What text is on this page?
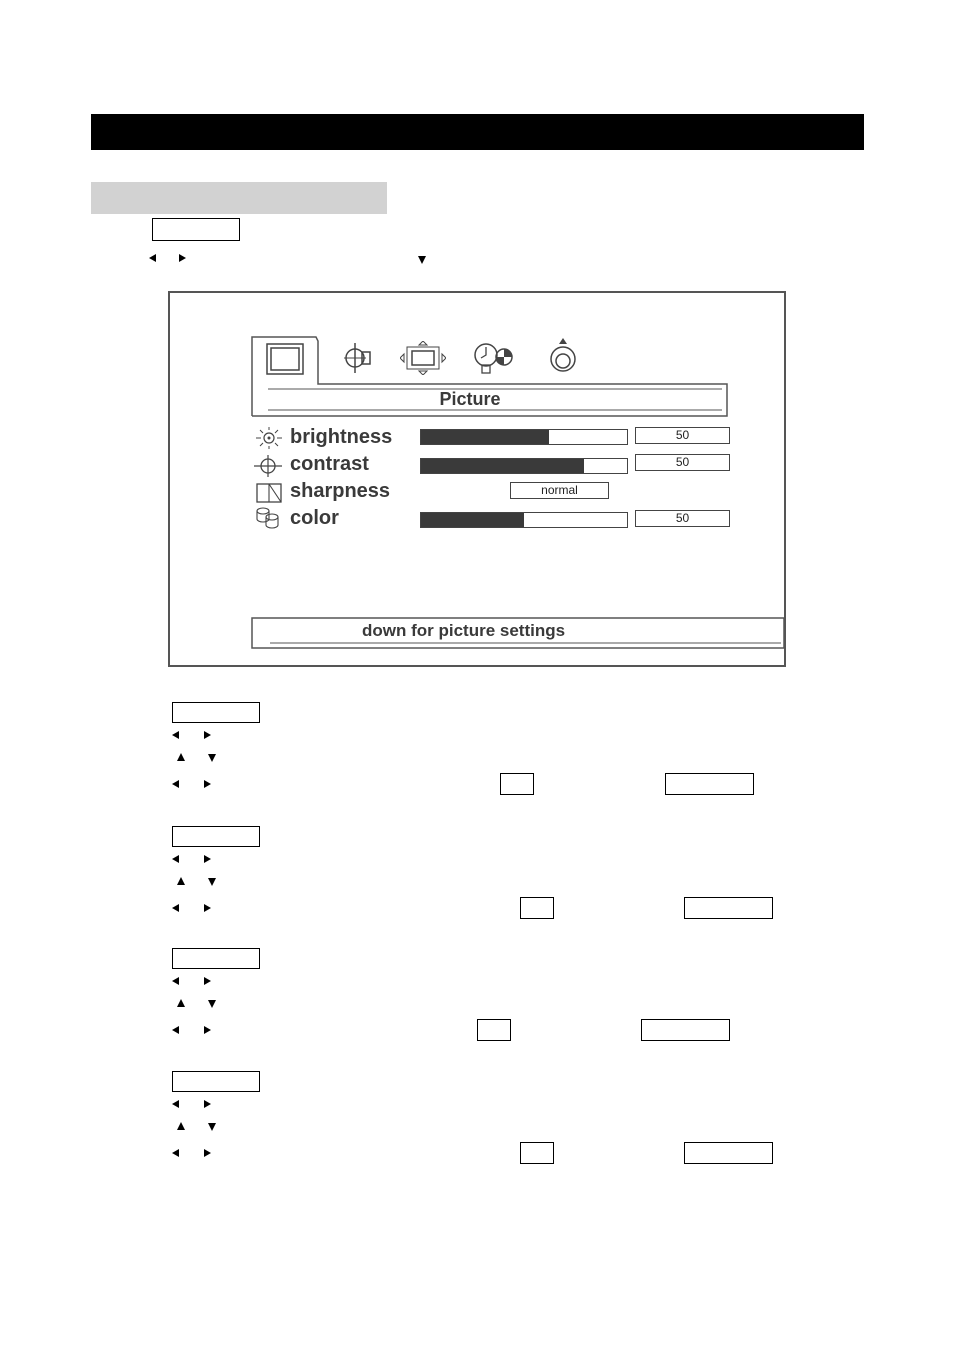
Picture
brightness	50
contrast	50
sharpness	normal
color	50
down for picture settings
